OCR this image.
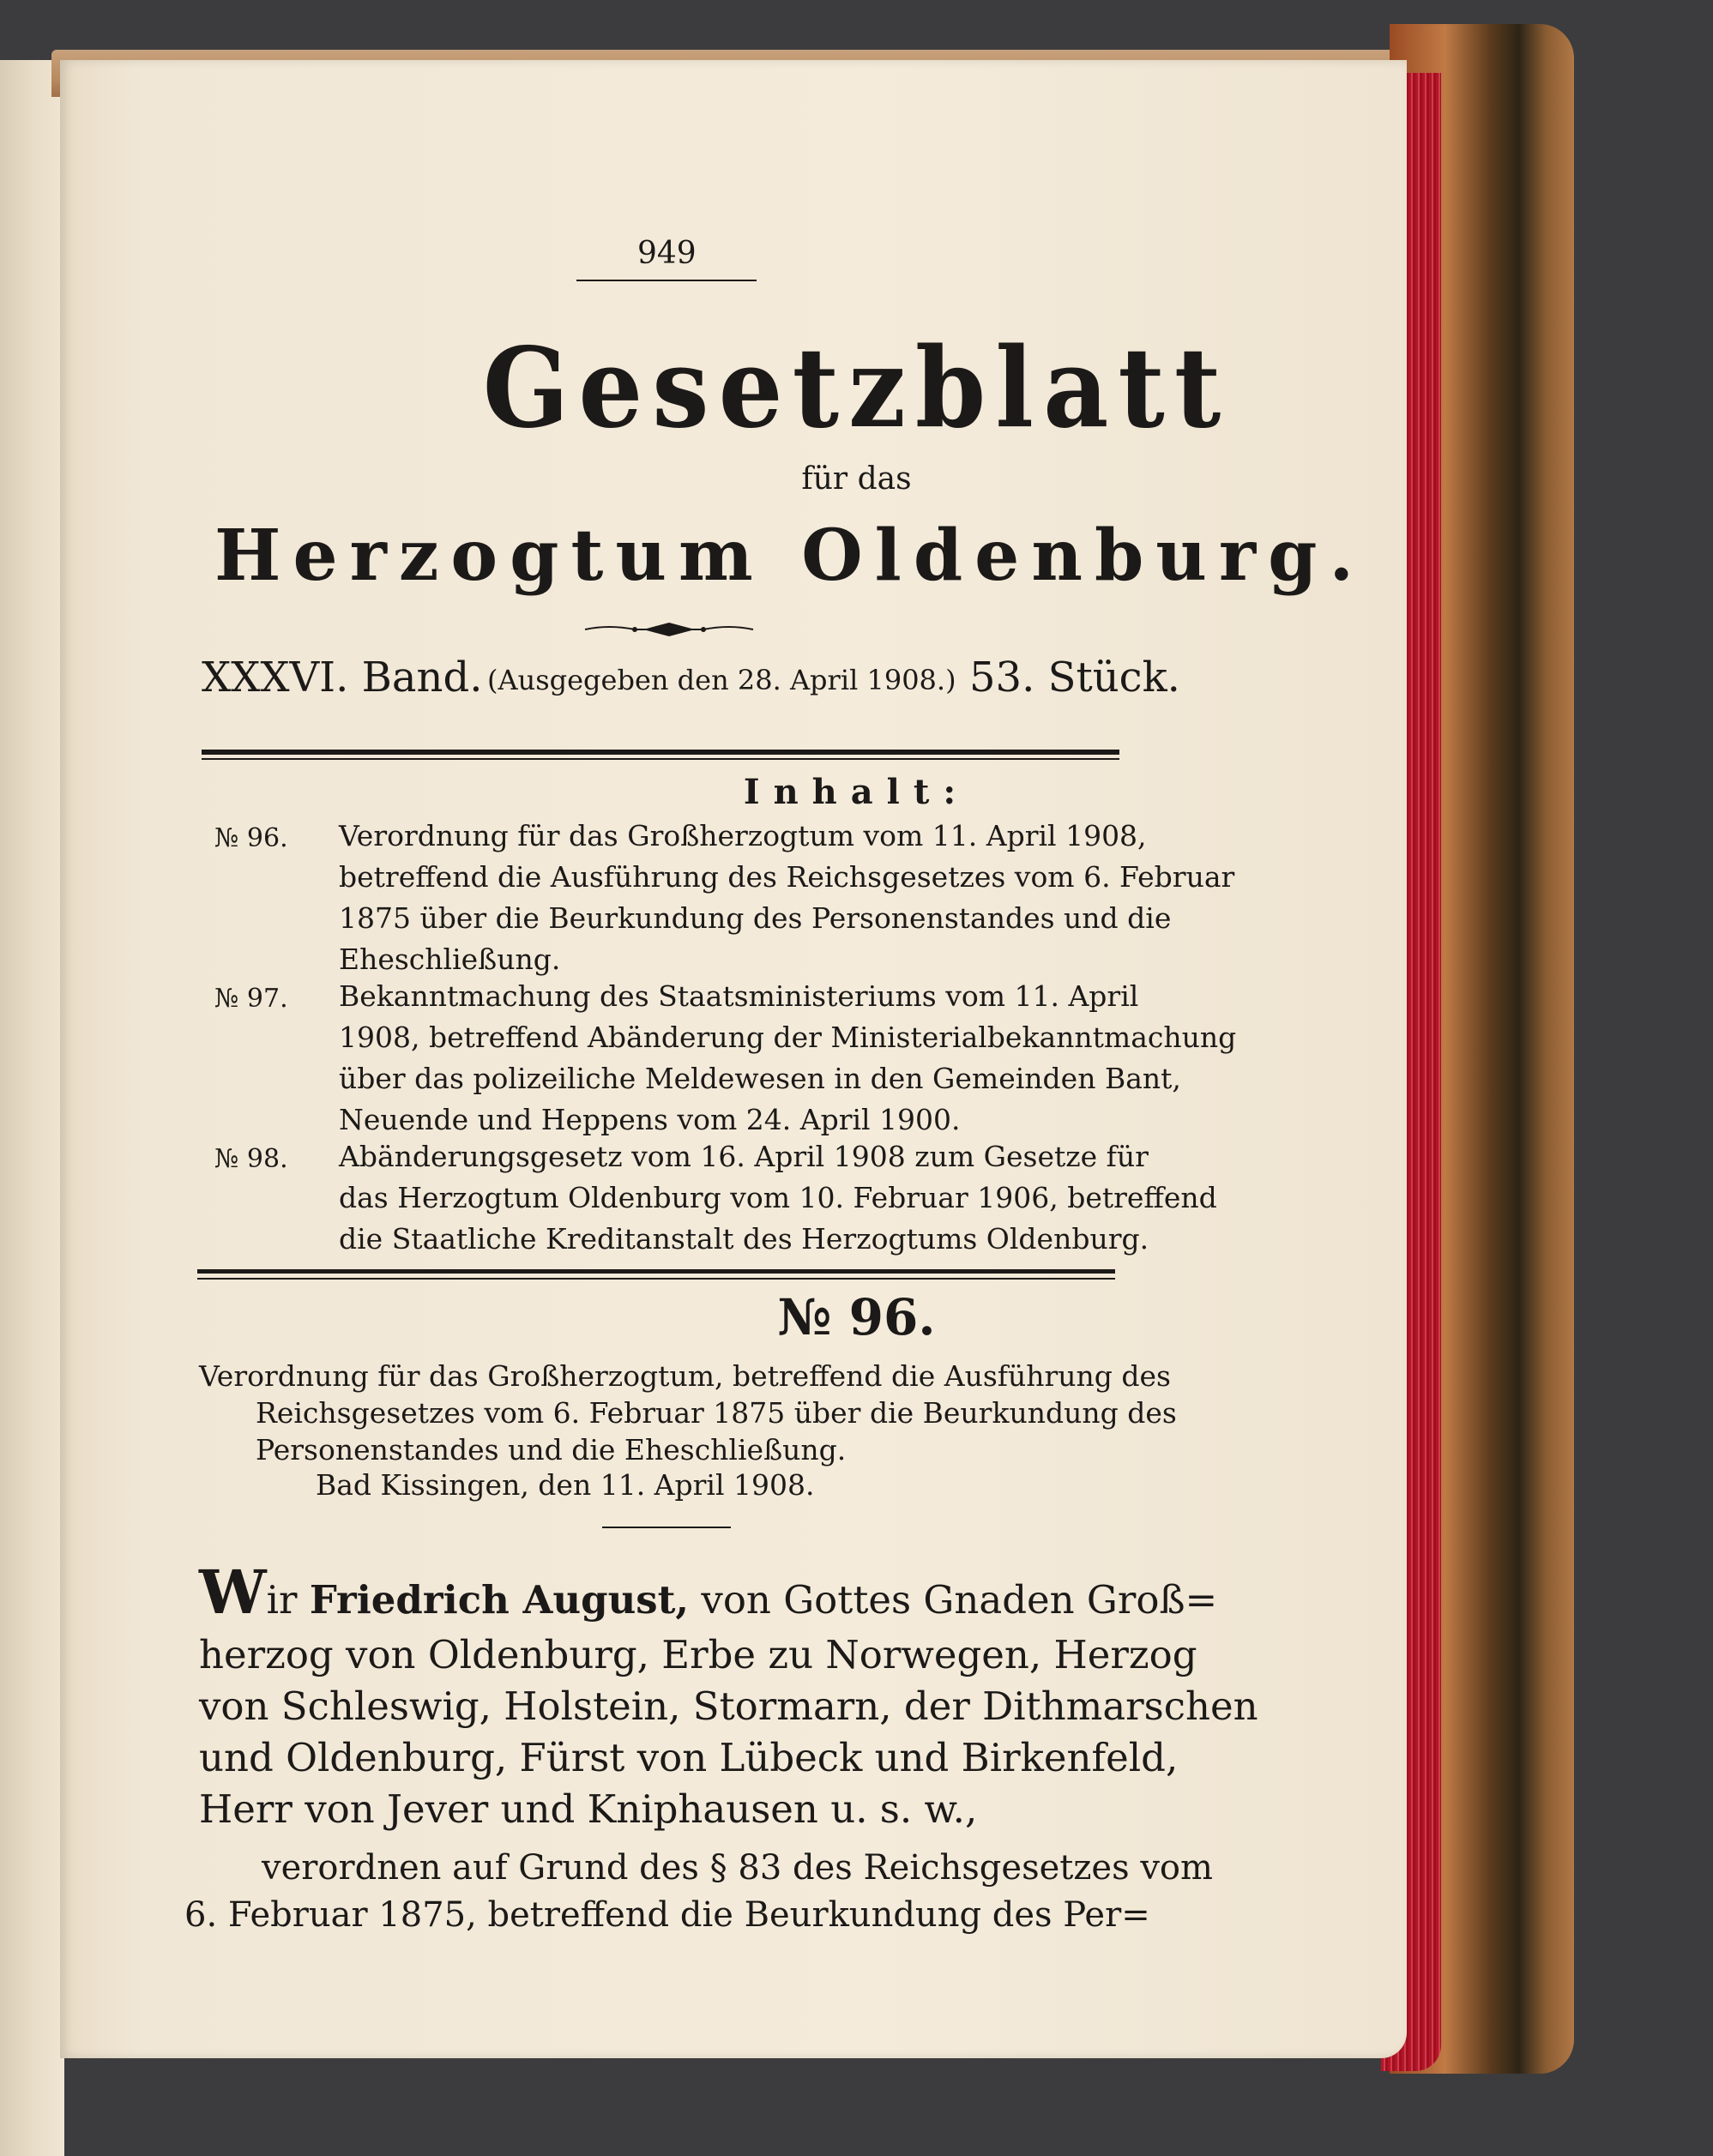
949
Gesetzblatt
für das
Herzogtum Oldenburg.
XXXVI. Band. (Ausgegeben den 28. April 1908.) 53. Stück.
Inhalt:
№ 96. Verordnung für das Großherzogtum vom 11. April 1908,
betreffend die Ausführung des Reichsgesetzes vom 6. Februar
1875 über die Beurkundung des Personenstandes und die
Eheschließung.
№ 97. Bekanntmachung des Staatsministeriums vom 11. April
1908, betreffend Abänderung der Ministerialbekanntmachung
über das polizeiliche Meldewesen in den Gemeinden Bant,
Neuende und Heppens vom 24. April 1900.
№ 98. Abänderungsgesetz vom 16. April 1908 zum Gesetze für
das Herzogtum Oldenburg vom 10. Februar 1906, betreffend
die Staatliche Kreditanstalt des Herzogtums Oldenburg.
№ 96.
Verordnung für das Großherzogtum, betreffend die Ausführung des
Reichsgesetzes vom 6. Februar 1875 über die Beurkundung des
Personenstandes und die Eheschließung.
Bad Kissingen, den 11. April 1908.
Wir Friedrich August, von Gottes Gnaden Groß=
herzog von Oldenburg, Erbe zu Norwegen, Herzog
von Schleswig, Holstein, Stormarn, der Dithmarschen
und Oldenburg, Fürst von Lübeck und Birkenfeld,
Herr von Jever und Kniphausen u. s. w.,
verordnen auf Grund des § 83 des Reichsgesetzes vom
6. Februar 1875, betreffend die Beurkundung des Per=
